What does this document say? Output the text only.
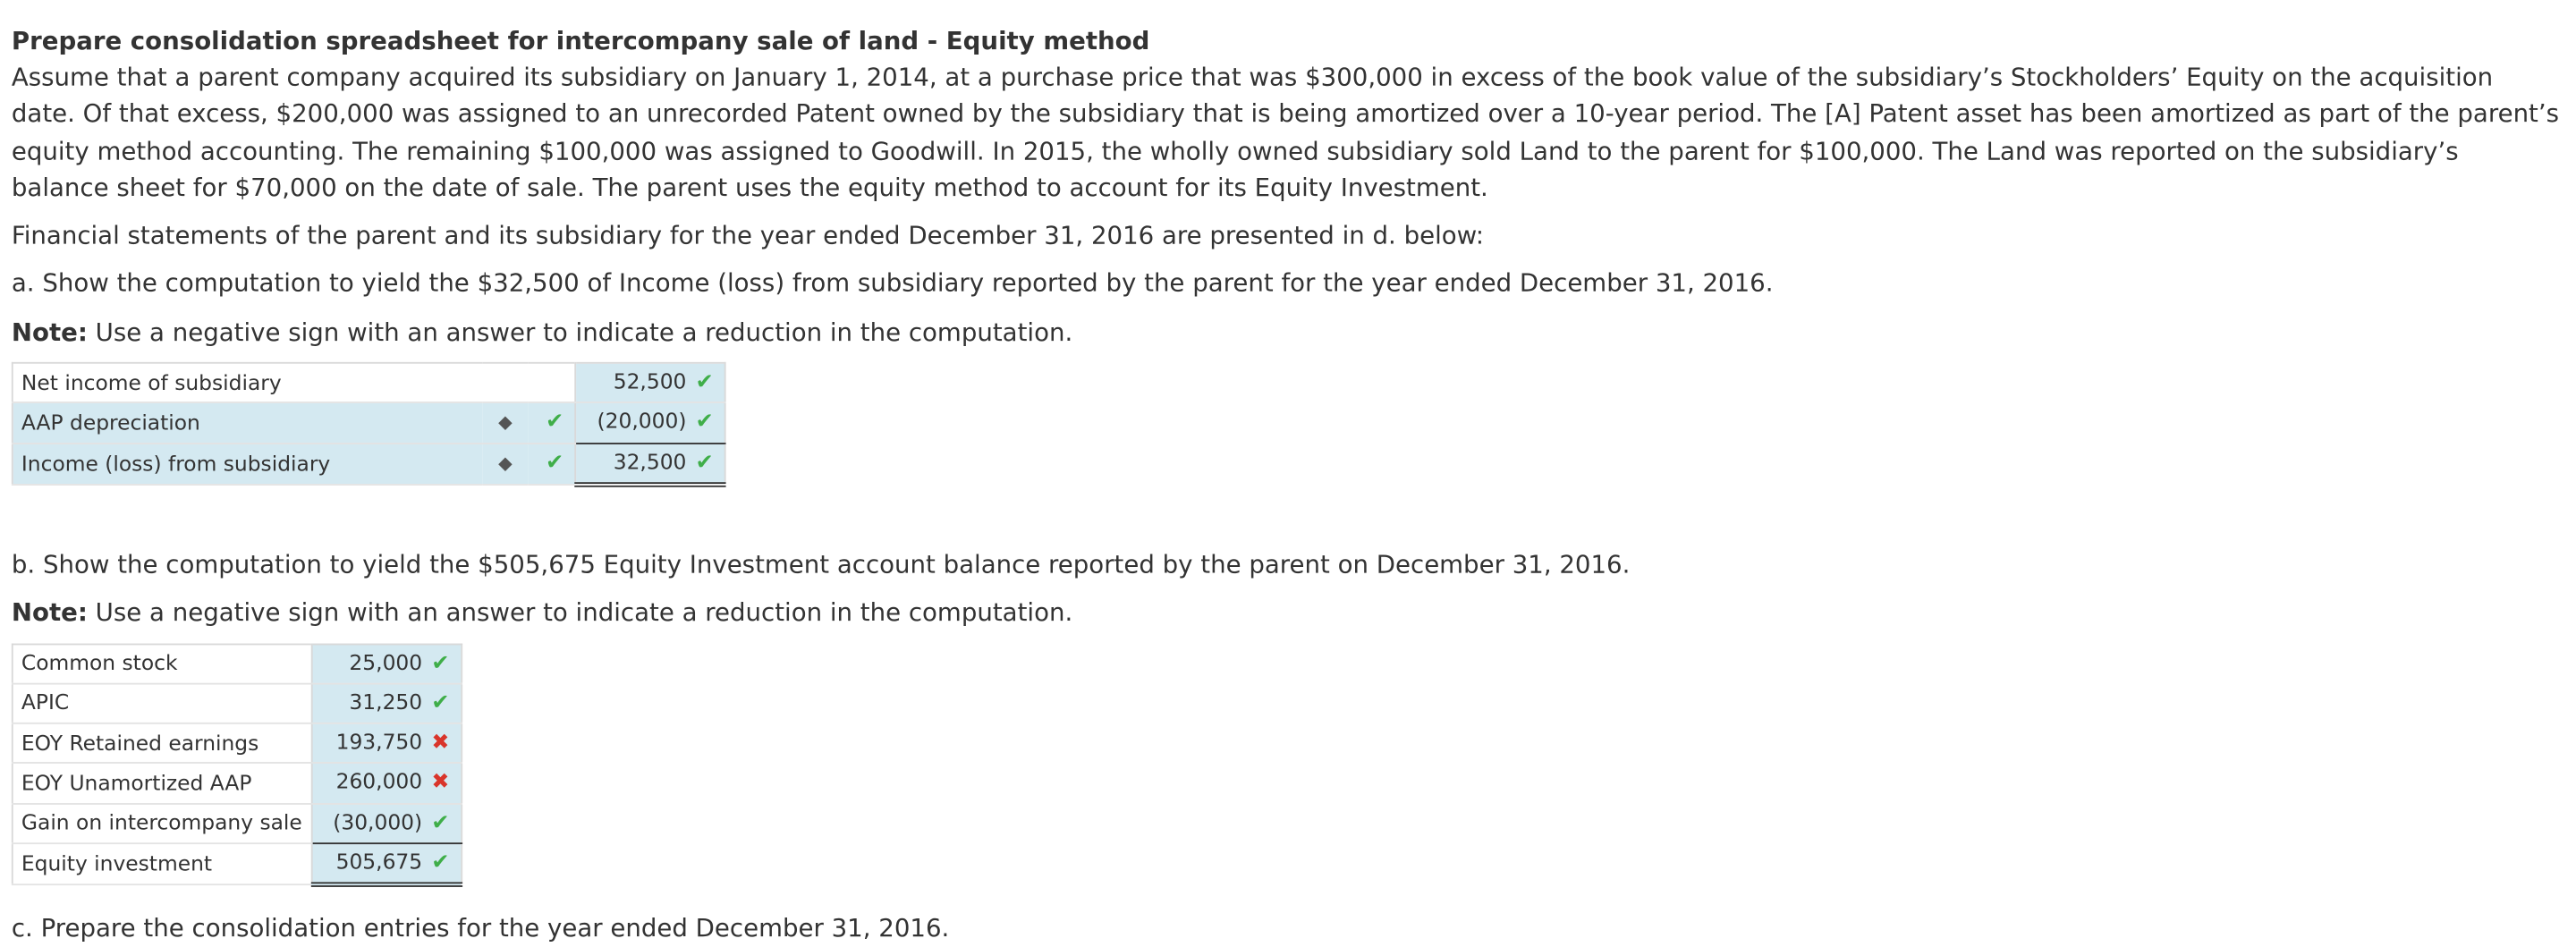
Prepare consolidation spreadsheet for intercompany sale of land - Equity method

Assume that a parent company acquired its subsidiary on January 1, 2014, at a purchase price that was $300,000 in excess of the book value of the subsidiary’s Stockholders’ Equity on the acquisition date. Of that excess, $200,000 was assigned to an unrecorded Patent owned by the subsidiary that is being amortized over a 10-year period. The [A] Patent asset has been amortized as part of the parent’s equity method accounting. The remaining $100,000 was assigned to Goodwill. In 2015, the wholly owned subsidiary sold Land to the parent for $100,000. The Land was reported on the subsidiary’s balance sheet for $70,000 on the date of sale. The parent uses the equity method to account for its Equity Investment.

Financial statements of the parent and its subsidiary for the year ended December 31, 2016 are presented in d. below:

a. Show the computation to yield the $32,500 of Income (loss) from subsidiary reported by the parent for the year ended December 31, 2016.

Note: Use a negative sign with an answer to indicate a reduction in the computation.

Net income of subsidiary			52,500 ✔
AAP depreciation	◆	✔	(20,000) ✔
Income (loss) from subsidiary	◆	✔	32,500 ✔

b. Show the computation to yield the $505,675 Equity Investment account balance reported by the parent on December 31, 2016.

Note: Use a negative sign with an answer to indicate a reduction in the computation.

Common stock	25,000 ✔
APIC	31,250 ✔
EOY Retained earnings	193,750 ✖
EOY Unamortized AAP	260,000 ✖
Gain on intercompany sale	(30,000) ✔
Equity investment	505,675 ✔
c. Prepare the consolidation entries for the year ended December 31, 2016.
